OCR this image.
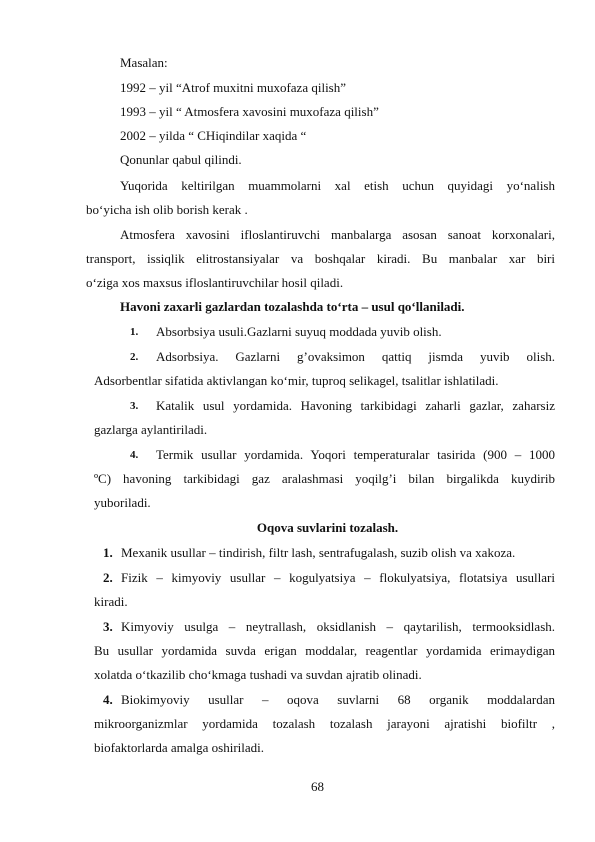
Masalan:
1992 – yil “Atrof muxitni muxofaza qilish”
1993 – yil “ Atmosfera xavosini muxofaza qilish”
2002 – yilda “ CHiqindilar xaqida “
Qonunlar qabul qilindi.
Yuqorida keltirilgan muammolarni xal etish uchun quyidagi yo‘nalish
bo‘yicha ish olib borish kerak .
Atmosfera xavosini ifloslantiruvchi manbalarga asosan sanoat korxonalari,
transport, issiqlik elitrostansiyalar va boshqalar kiradi. Bu manbalar xar biri
o‘ziga xos maxsus ifloslantiruvchilar hosil qiladi.
Havoni zaxarli gazlardan tozalashda to‘rta – usul qo‘llaniladi.
1. Absorbsiya usuli.Gazlarni suyuq moddada yuvib olish.
2. Adsorbsiya. Gazlarni g’ovaksimon qattiq jismda yuvib olish.
Adsorbentlar sifatida aktivlangan ko‘mir, tuproq selikagel, tsalitlar ishlatiladi.
3. Katalik usul yordamida. Havoning tarkibidagi zaharli gazlar, zaharsiz
gazlarga aylantiriladi.
4. Termik usullar yordamida. Yoqori temperaturalar tasirida (900 – 1000
ºC) havoning tarkibidagi gaz aralashmasi yoqilg’i bilan birgalikda kuydirib
yuboriladi.
Oqova suvlarini tozalash.
1. Mexanik usullar – tindirish, filtr lash, sentrafugalash, suzib olish va xakoza.
2. Fizik – kimyoviy usullar – kogulyatsiya – flokulyatsiya, flotatsiya usullari
kiradi.
3. Kimyoviy usulga – neytrallash, oksidlanish – qaytarilish, termooksidlash.
Bu usullar yordamida suvda erigan moddalar, reagentlar yordamida erimaydigan
xolatda o‘tkazilib cho‘kmaga tushadi va suvdan ajratib olinadi.
4. Biokimyoviy usullar – oqova suvlarni 68 organik moddalardan
mikroorganizmlar yordamida tozalash tozalash jarayoni ajratishi biofiltr ,
biofaktorlarda amalga oshiriladi.
68
